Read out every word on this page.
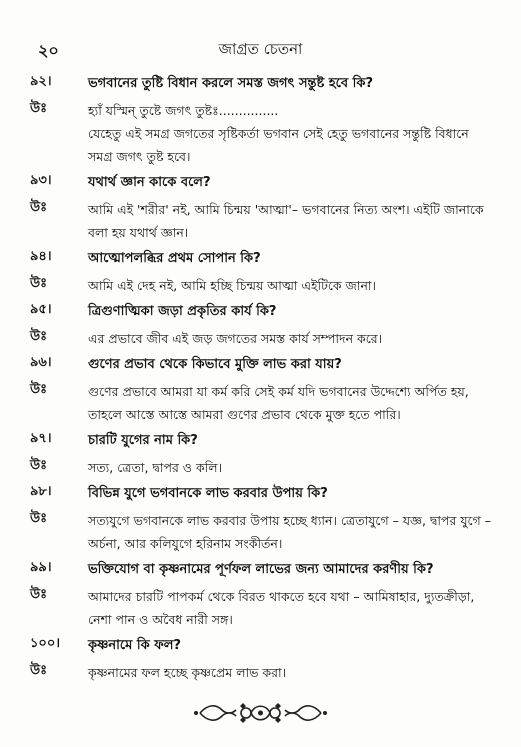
জাগ্রত চেতনা
২০
৯২।	ভগবানের তুষ্টি বিধান করলে সমস্ত জগৎ সন্তুষ্ট হবে কি?
উঃ	হ্যাঁ যস্মিন্ তুষ্টে জগৎ তুষ্টঃ...............
যেহেতু এই সমগ্র জগতের সৃষ্টিকর্তা ভগবান সেই হেতু ভগবানের সন্তুষ্টি বিধানে সমগ্র জগৎ তুষ্ট হবে।
৯৩।	যথার্থ জ্ঞান কাকে বলে?
উঃ	আমি এই 'শরীর' নই, আমি চিন্ময় 'আত্মা'– ভগবানের নিত্য অংশ। এইটি জানাকে বলা হয় যথার্থ জ্ঞান।
৯৪।	আত্মোপলব্ধির প্রথম সোপান কি?
উঃ	আমি এই দেহ নই, আমি হচ্ছি চিন্ময় আত্মা এইটিকে জানা।
৯৫।	ত্রিগুণাত্মিকা জড়া প্রকৃতির কার্য কি?
উঃ	এর প্রভাবে জীব এই জড় জগতের সমস্ত কার্য সম্পাদন করে।
৯৬।	গুণের প্রভাব থেকে কিভাবে মুক্তি লাভ করা যায়?
উঃ	গুণের প্রভাবে আমরা যা কর্ম করি সেই কর্ম যদি ভগবানের উদ্দেশ্যে অর্পিত হয়, তাহলে আস্তে আস্তে আমরা গুণের প্রভাব থেকে মুক্ত হতে পারি।
৯৭।	চারটি যুগের নাম কি?
উঃ	সত্য, ত্রেতা, দ্বাপর ও কলি।
৯৮।	বিভিন্ন যুগে ভগবানকে লাভ করবার উপায় কি?
উঃ	সত্যযুগে ভগবানকে লাভ করবার উপায় হচ্ছে ধ্যান। ত্রেতাযুগে – যজ্ঞ, দ্বাপর যুগে – অর্চনা, আর কলিযুগে হরিনাম সংকীর্তন।
৯৯।	ভক্তিযোগ বা কৃষ্ণনামের পূর্ণফল লাভের জন্য আমাদের করণীয় কি?
উঃ	আমাদের চারটি পাপকর্ম থেকে বিরত থাকতে হবে যথা – আমিষাহার, দ্যুতক্রীড়া, নেশা পান ও অবৈধ নারী সঙ্গ।
১০০।	কৃষ্ণনামে কি ফল?
উঃ	কৃষ্ণনামের ফল হচ্ছে কৃষ্ণপ্রেম লাভ করা।
